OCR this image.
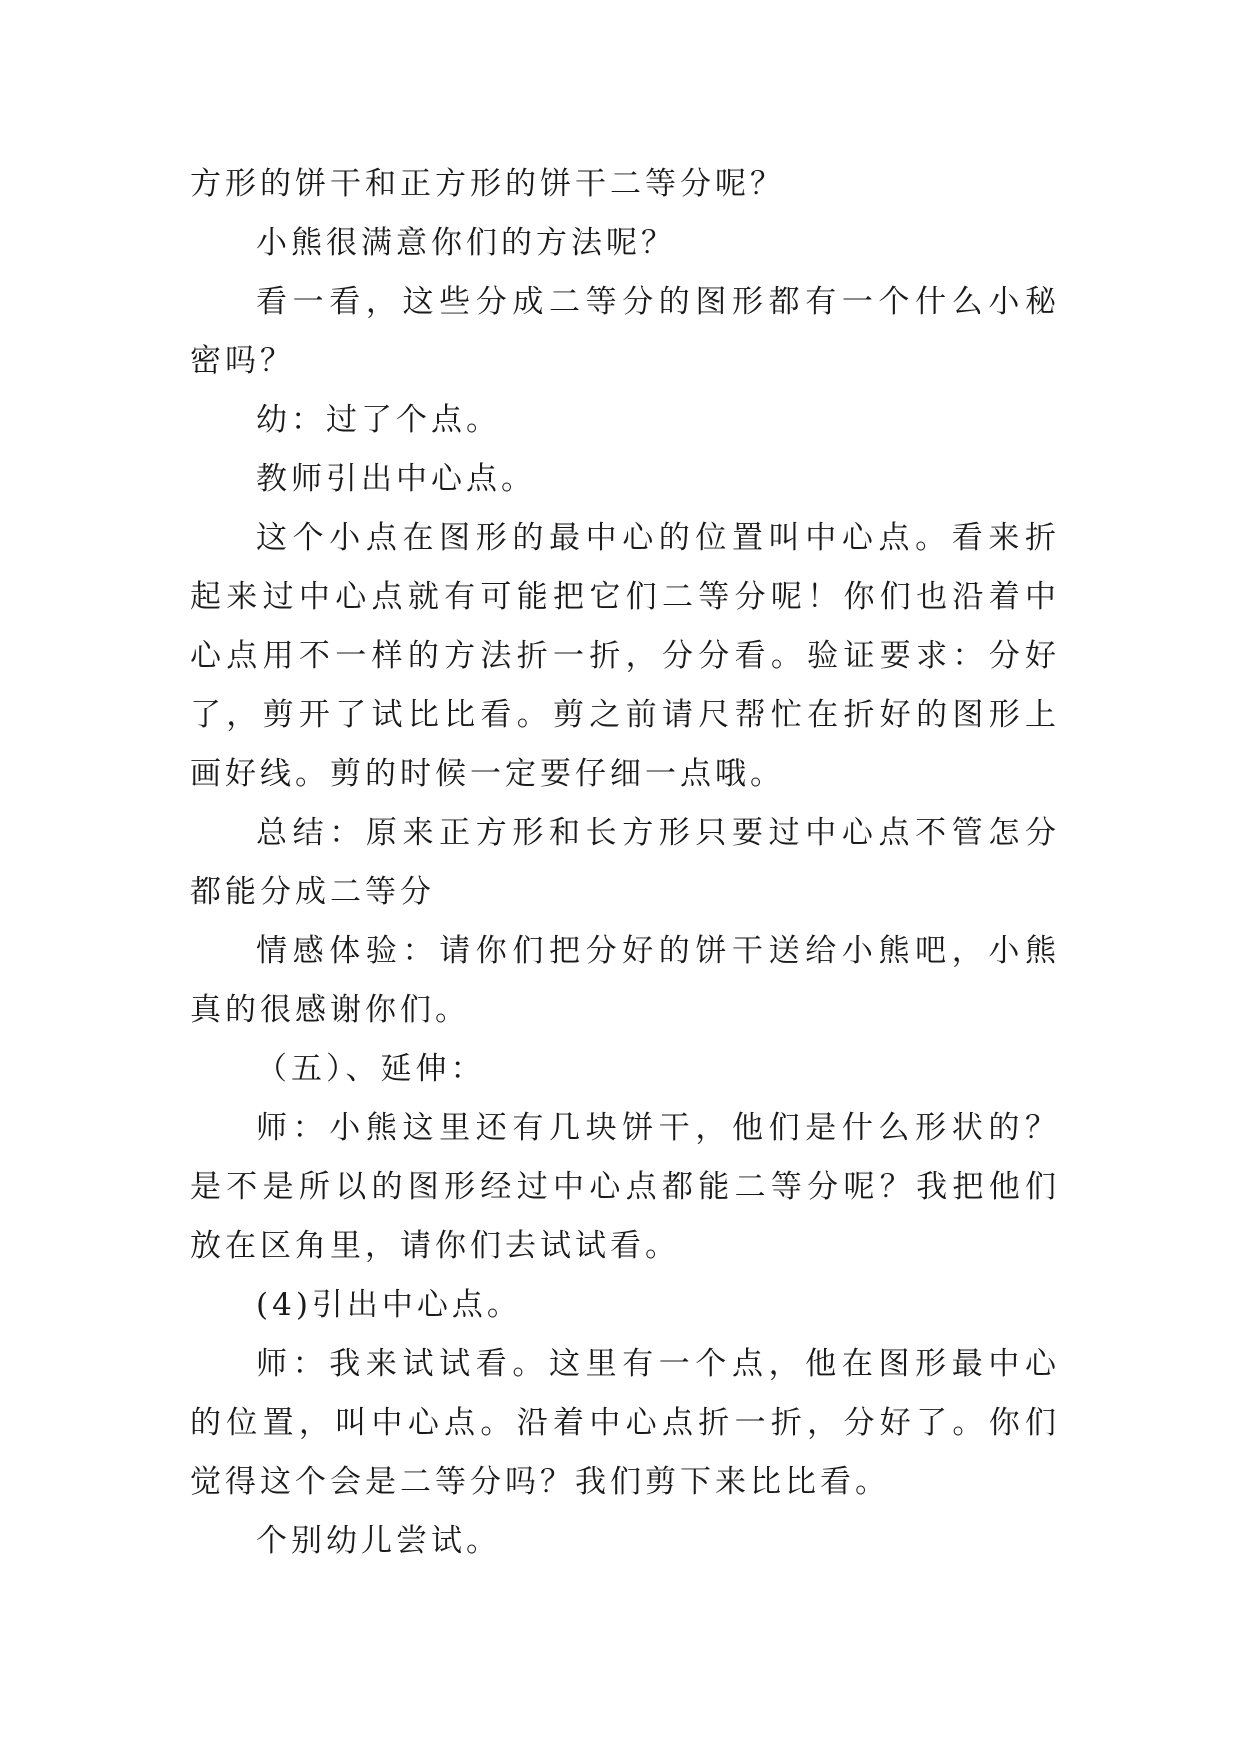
方形的饼干和正方形的饼干二等分呢？

小熊很满意你们的方法呢？

看一看，这些分成二等分的图形都有一个什么小秘密吗？

幼：过了个点。

教师引出中心点。

这个小点在图形的最中心的位置叫中心点。看来折起来过中心点就有可能把它们二等分呢！你们也沿着中心点用不一样的方法折一折，分分看。验证要求：分好了，剪开了试比比看。剪之前请尺帮忙在折好的图形上画好线。剪的时候一定要仔细一点哦。

总结：原来正方形和长方形只要过中心点不管怎分都能分成二等分

情感体验：请你们把分好的饼干送给小熊吧，小熊真的很感谢你们。

（五）、延伸：

师：小熊这里还有几块饼干，他们是什么形状的？是不是所以的图形经过中心点都能二等分呢？我把他们放在区角里，请你们去试试看。

(4)引出中心点。

师：我来试试看。这里有一个点，他在图形最中心的位置，叫中心点。沿着中心点折一折，分好了。你们觉得这个会是二等分吗？我们剪下来比比看。

个别幼儿尝试。
